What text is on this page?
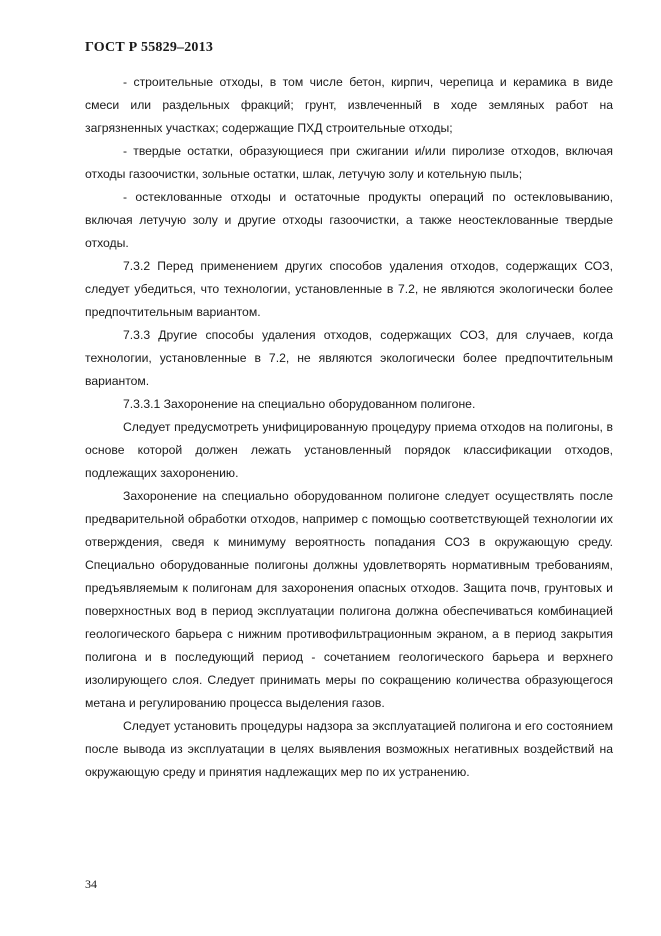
ГОСТ Р 55829–2013

- строительные отходы, в том числе бетон, кирпич, черепица и керамика в виде смеси или раздельных фракций; грунт, извлеченный в ходе земляных работ на загрязненных участках; содержащие ПХД строительные отходы;

- твердые остатки, образующиеся при сжигании и/или пиролизе отходов, включая отходы газоочистки, зольные остатки, шлак, летучую золу и котельную пыль;

- остеклованные отходы и остаточные продукты операций по остекловыванию, включая летучую золу и другие отходы газоочистки, а также неостеклованные твердые отходы.

7.3.2 Перед применением других способов удаления отходов, содержащих СОЗ, следует убедиться, что технологии, установленные в 7.2, не являются экологически более предпочтительным вариантом.

7.3.3 Другие способы удаления отходов, содержащих СОЗ, для случаев, когда технологии, установленные в 7.2, не являются экологически более предпочтительным вариантом.

7.3.3.1 Захоронение на специально оборудованном полигоне.

Следует предусмотреть унифицированную процедуру приема отходов на полигоны, в основе которой должен лежать установленный порядок классификации отходов, подлежащих захоронению.

Захоронение на специально оборудованном полигоне следует осуществлять после предварительной обработки отходов, например с помощью соответствующей технологии их отверждения, сведя к минимуму вероятность попадания СОЗ в окружающую среду. Специально оборудованные полигоны должны удовлетворять нормативным требованиям, предъявляемым к полигонам для захоронения опасных отходов. Защита почв, грунтовых и поверхностных вод в период эксплуатации полигона должна обеспечиваться комбинацией геологического барьера с нижним противофильтрационным экраном, а в период закрытия полигона и в последующий период - сочетанием геологического барьера и верхнего изолирующего слоя. Следует принимать меры по сокращению количества образующегося метана и регулированию процесса выделения газов.

Следует установить процедуры надзора за эксплуатацией полигона и его состоянием после вывода из эксплуатации в целях выявления возможных негативных воздействий на окружающую среду и принятия надлежащих мер по их устранению.

34
